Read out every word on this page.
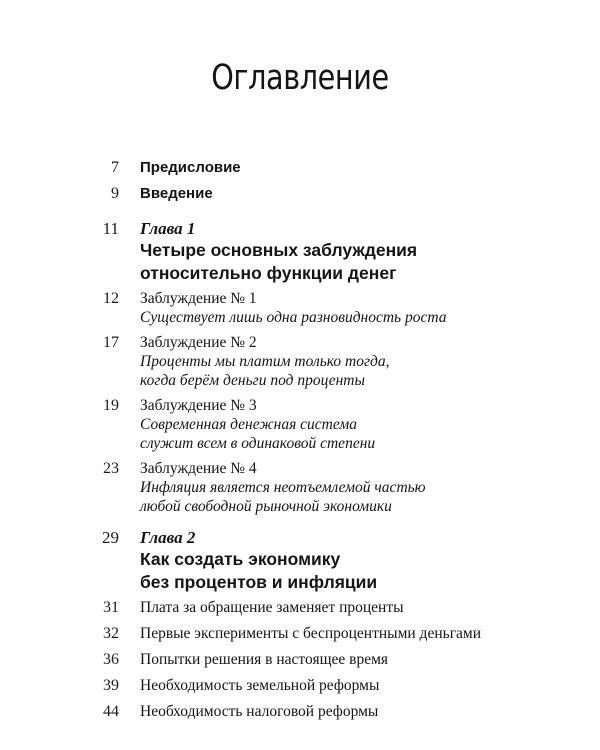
Оглавление
7 Предисловие
9 Введение
11 Глава 1
Четыре основных заблуждения
относительно функции денег
12 Заблуждение № 1
Существует лишь одна разновидность роста
17 Заблуждение № 2
Проценты мы платим только тогда,
когда берём деньги под проценты
19 Заблуждение № 3
Современная денежная система
служит всем в одинаковой степени
23 Заблуждение № 4
Инфляция является неотъемлемой частью
любой свободной рыночной экономики
29 Глава 2
Как создать экономику
без процентов и инфляции
31 Плата за обращение заменяет проценты
32 Первые эксперименты с беспроцентными деньгами
36 Попытки решения в настоящее время
39 Необходимость земельной реформы
44 Необходимость налоговой реформы
